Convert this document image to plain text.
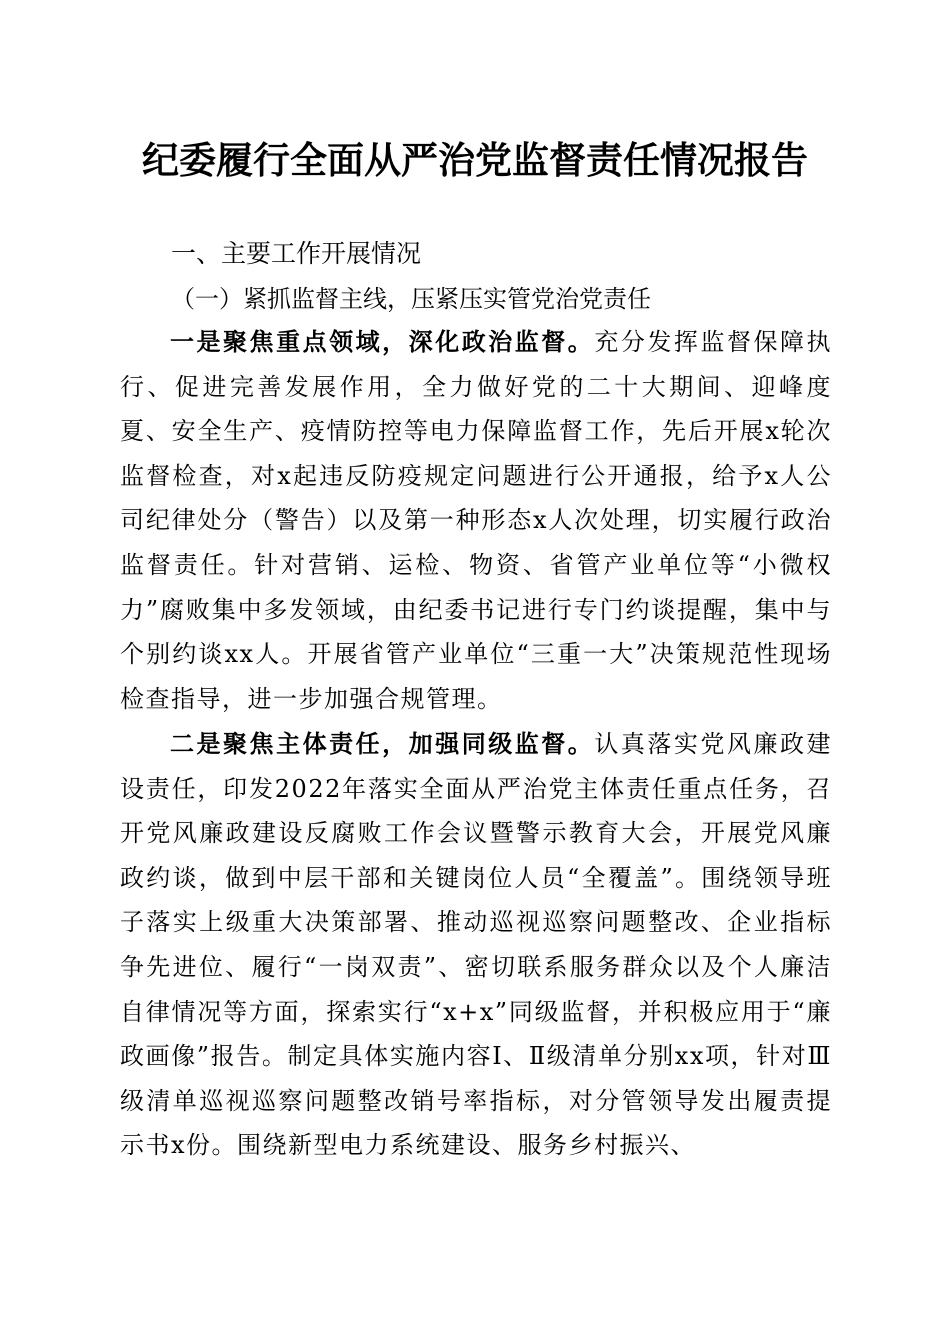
纪委履行全面从严治党监督责任情况报告
一、主要工作开展情况
（一）紧抓监督主线，压紧压实管党治党责任

一是聚焦重点领域，深化政治监督。充分发挥监督保障执行、促进完善发展作用，全力做好党的二十大期间、迎峰度夏、安全生产、疫情防控等电力保障监督工作，先后开展x轮次监督检查，对x起违反防疫规定问题进行公开通报，给予x人公司纪律处分（警告）以及第一种形态x人次处理，切实履行政治监督责任。针对营销、运检、物资、省管产业单位等“小微权力”腐败集中多发领域，由纪委书记进行专门约谈提醒，集中与个别约谈xx人。开展省管产业单位“三重一大”决策规范性现场检查指导，进一步加强合规管理。

二是聚焦主体责任，加强同级监督。认真落实党风廉政建设责任，印发2022年落实全面从严治党主体责任重点任务，召开党风廉政建设反腐败工作会议暨警示教育大会，开展党风廉政约谈，做到中层干部和关键岗位人员“全覆盖”。围绕领导班子落实上级重大决策部署、推动巡视巡察问题整改、企业指标争先进位、履行“一岗双责”、密切联系服务群众以及个人廉洁自律情况等方面，探索实行“x+x”同级监督，并积极应用于“廉政画像”报告。制定具体实施内容Ⅰ、Ⅱ级清单分别xx项，针对Ⅲ级清单巡视巡察问题整改销号率指标，对分管领导发出履责提示书x份。围绕新型电力系统建设、服务乡村振兴、
